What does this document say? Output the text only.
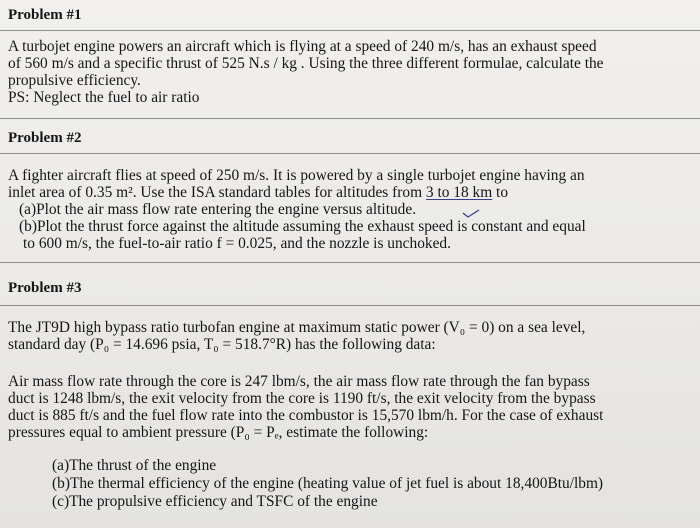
Problem #1

A turbojet engine powers an aircraft which is flying at a speed of 240 m/s, has an exhaust speed

of 560 m/s and a specific thrust of 525 N.s / kg . Using the three different formulae, calculate the

propulsive efficiency.

PS: Neglect the fuel to air ratio

Problem #2

A fighter aircraft flies at speed of 250 m/s. It is powered by a single turbojet engine having an

inlet area of 0.35 m². Use the ISA standard tables for altitudes from 3 to 18 km to

(a)Plot the air mass flow rate entering the engine versus altitude.

(b)Plot the thrust force against the altitude assuming the exhaust speed is constant and equal

to 600 m/s, the fuel-to-air ratio f = 0.025, and the nozzle is unchoked.

Problem #3

The JT9D high bypass ratio turbofan engine at maximum static power (V₀ = 0) on a sea level,

standard day (P₀ = 14.696 psia, T₀ = 518.7°R) has the following data:

Air mass flow rate through the core is 247 lbm/s, the air mass flow rate through the fan bypass

duct is 1248 lbm/s, the exit velocity from the core is 1190 ft/s, the exit velocity from the bypass

duct is 885 ft/s and the fuel flow rate into the combustor is 15,570 lbm/h. For the case of exhaust

pressures equal to ambient pressure (P₀ = Pₑ, estimate the following:

(a)The thrust of the engine

(b)The thermal efficiency of the engine (heating value of jet fuel is about 18,400Btu/lbm)

(c)The propulsive efficiency and TSFC of the engine
